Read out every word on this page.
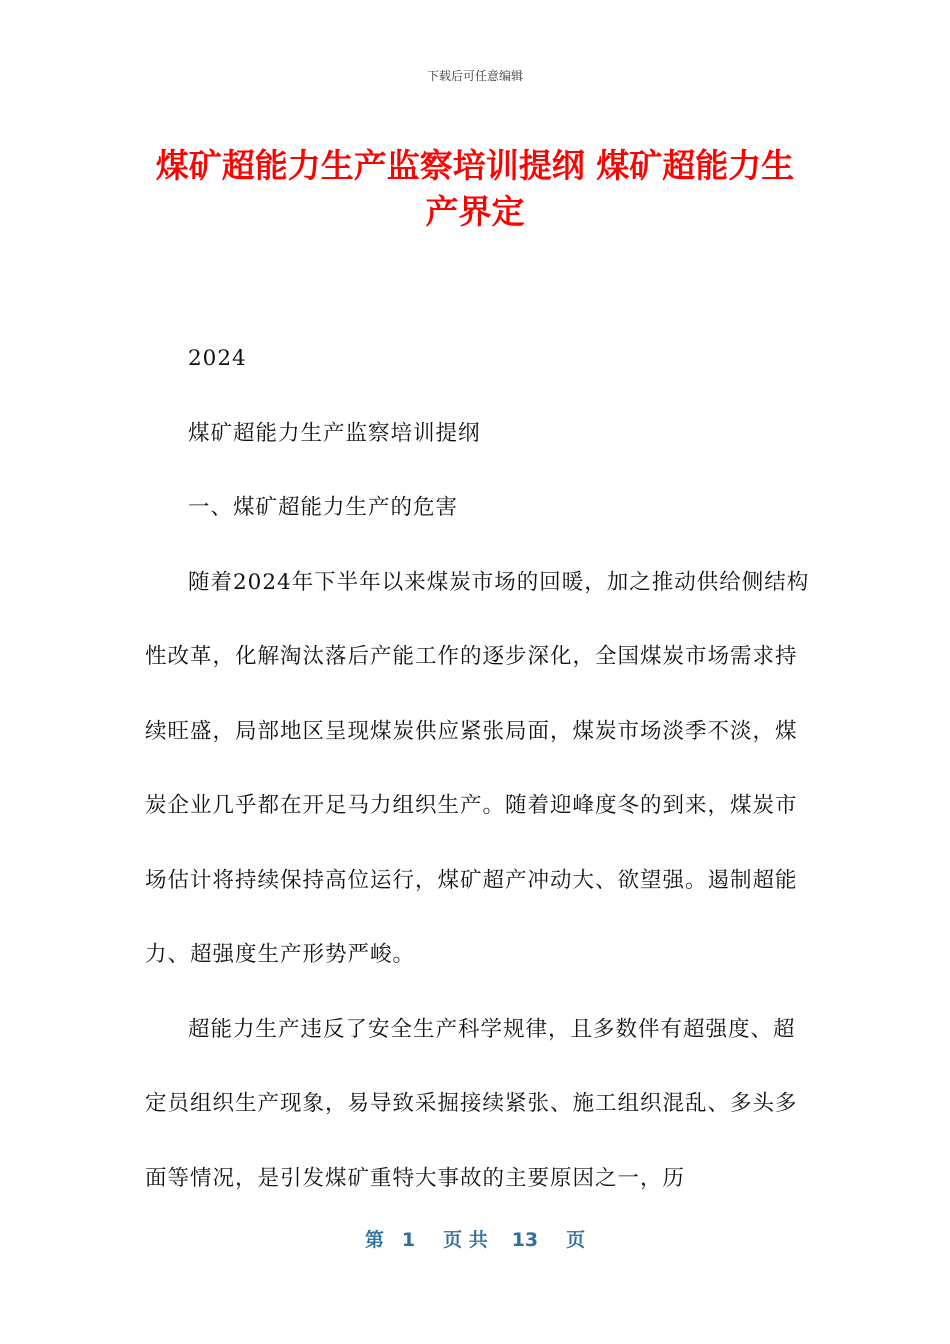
下载后可任意编辑
煤矿超能力生产监察培训提纲 煤矿超能力生产界定

2024

煤矿超能力生产监察培训提纲

一、煤矿超能力生产的危害

随着2024年下半年以来煤炭市场的回暖，加之推动供给侧结构性改革，化解淘汰落后产能工作的逐步深化，全国煤炭市场需求持续旺盛，局部地区呈现煤炭供应紧张局面，煤炭市场淡季不淡，煤炭企业几乎都在开足马力组织生产。随着迎峰度冬的到来，煤炭市场估计将持续保持高位运行，煤矿超产冲动大、欲望强。遏制超能力、超强度生产形势严峻。

超能力生产违反了安全生产科学规律，且多数伴有超强度、超定员组织生产现象，易导致采掘接续紧张、施工组织混乱、多头多面等情况，是引发煤矿重特大事故的主要原因之一，历

第 1 页 共 13 页
